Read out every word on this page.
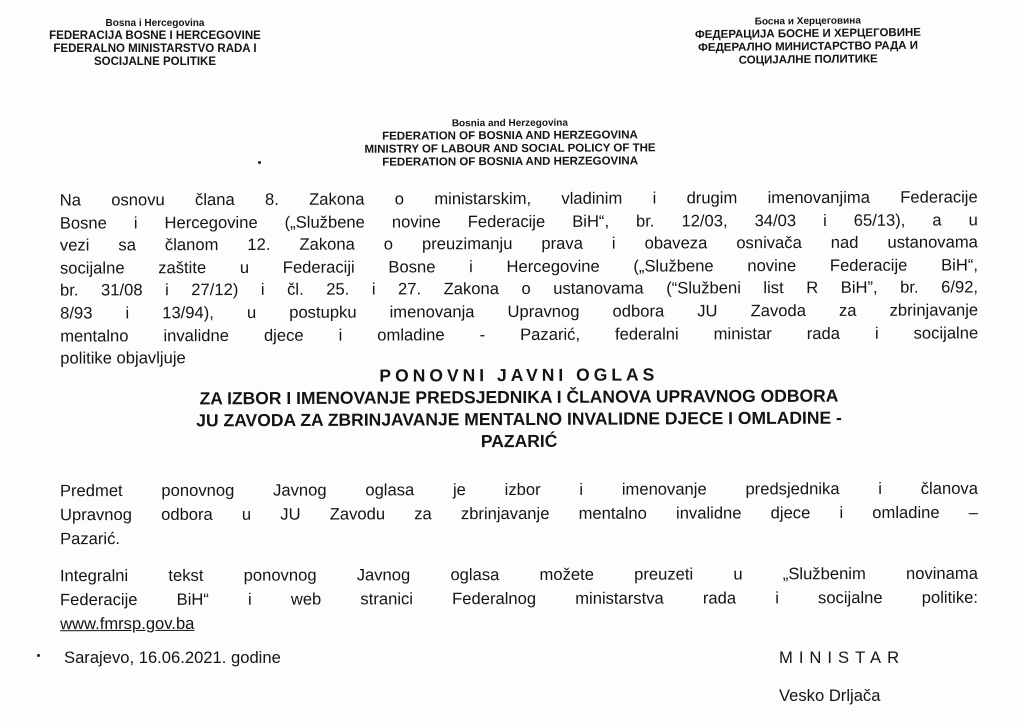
Bosna i Hercegovina
FEDERACIJA BOSNE I HERCEGOVINE
FEDERALNO MINISTARSTVO RADA I
SOCIJALNE POLITIKE
Босна и Херцеговина
ФЕДЕРАЦИЈА БОСНЕ И ХЕРЦЕГОВИНЕ
ФЕДЕРАЛНО МИНИСТАРСТВО РАДА И
СОЦИЈАЛНЕ ПОЛИТИКЕ
Bosnia and Herzegovina
FEDERATION OF BOSNIA AND HERZEGOVINA
MINISTRY OF LABOUR AND SOCIAL POLICY OF THE
FEDERATION OF BOSNIA AND HERZEGOVINA
Na osnovu člana 8. Zakona o ministarskim, vladinim i drugim imenovanjima Federacije
Bosne i Hercegovine („Službene novine Federacije BiH“, br. 12/03, 34/03 i 65/13), a u
vezi sa članom 12. Zakona o preuzimanju prava i obaveza osnivača nad ustanovama
socijalne zaštite u Federaciji Bosne i Hercegovine („Službene novine Federacije BiH“,
br. 31/08 i 27/12) i čl. 25. i 27. Zakona o ustanovama (“Službeni list R BiH”, br. 6/92,
8/93 i 13/94), u postupku imenovanja Upravnog odbora JU Zavoda za zbrinjavanje
mentalno invalidne djece i omladine - Pazarić, federalni ministar rada i socijalne
politike objavljuje
PONOVNI JAVNI OGLAS
ZA IZBOR I IMENOVANJE PREDSJEDNIKA I ČLANOVA UPRAVNOG ODBORA
JU ZAVODA ZA ZBRINJAVANJE MENTALNO INVALIDNE DJECE I OMLADINE -
PAZARIĆ
Predmet ponovnog Javnog oglasa je izbor i imenovanje predsjednika i članova
Upravnog odbora u JU Zavodu za zbrinjavanje mentalno invalidne djece i omladine –
Pazarić.
Integralni tekst ponovnog Javnog oglasa možete preuzeti u „Službenim novinama
Federacije BiH“ i web stranici Federalnog ministarstva rada i socijalne politike:
www.fmrsp.gov.ba
Sarajevo, 16.06.2021. godine	MINISTAR
Vesko Drljača
